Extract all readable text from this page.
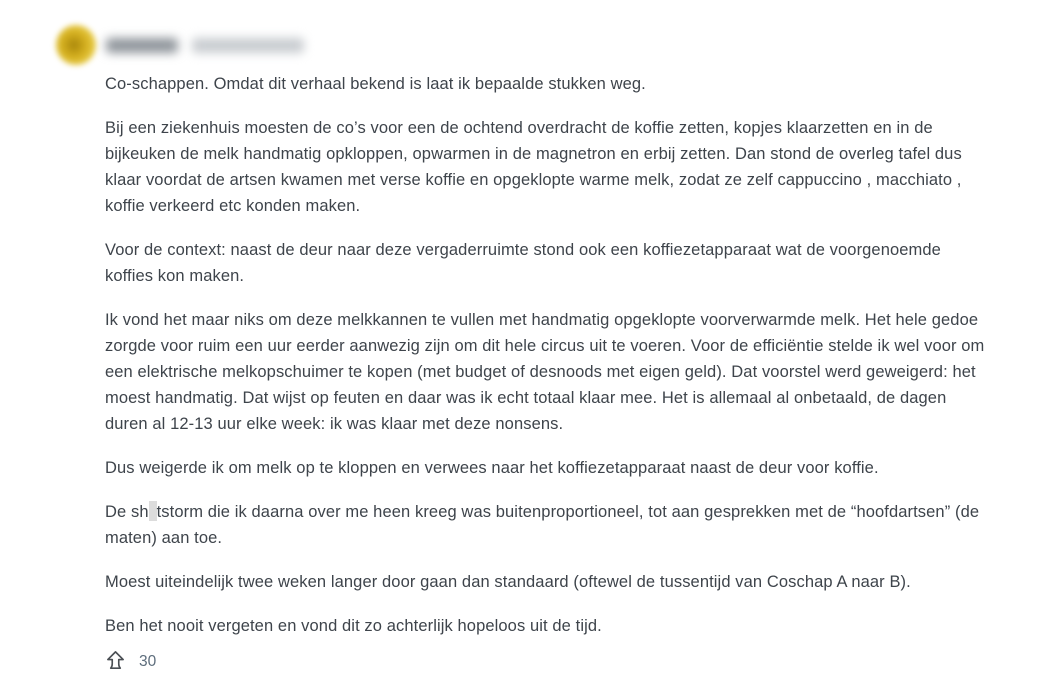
Co-schappen. Omdat dit verhaal bekend is laat ik bepaalde stukken weg.

Bij een ziekenhuis moesten de co’s voor een de ochtend overdracht de koffie zetten, kopjes klaarzetten en in de bijkeuken de melk handmatig opkloppen, opwarmen in de magnetron en erbij zetten. Dan stond de overleg tafel dus klaar voordat de artsen kwamen met verse koffie en opgeklopte warme melk, zodat ze zelf cappuccino , macchiato , koffie verkeerd etc konden maken.

Voor de context: naast de deur naar deze vergaderruimte stond ook een koffiezetapparaat wat de voorgenoemde koffies kon maken.

Ik vond het maar niks om deze melkkannen te vullen met handmatig opgeklopte voorverwarmde melk. Het hele gedoe zorgde voor ruim een uur eerder aanwezig zijn om dit hele circus uit te voeren. Voor de efficiëntie stelde ik wel voor om een elektrische melkopschuimer te kopen (met budget of desnoods met eigen geld). Dat voorstel werd geweigerd: het moest handmatig. Dat wijst op feuten en daar was ik echt totaal klaar mee. Het is allemaal al onbetaald, de dagen duren al 12-13 uur elke week: ik was klaar met deze nonsens.

Dus weigerde ik om melk op te kloppen en verwees naar het koffiezetapparaat naast de deur voor koffie.

De sh tstorm die ik daarna over me heen kreeg was buitenproportioneel, tot aan gesprekken met de “hoofdartsen” (de maten) aan toe.

Moest uiteindelijk twee weken langer door gaan dan standaard (oftewel de tussentijd van Coschap A naar B).

Ben het nooit vergeten en vond dit zo achterlijk hopeloos uit de tijd.

30
